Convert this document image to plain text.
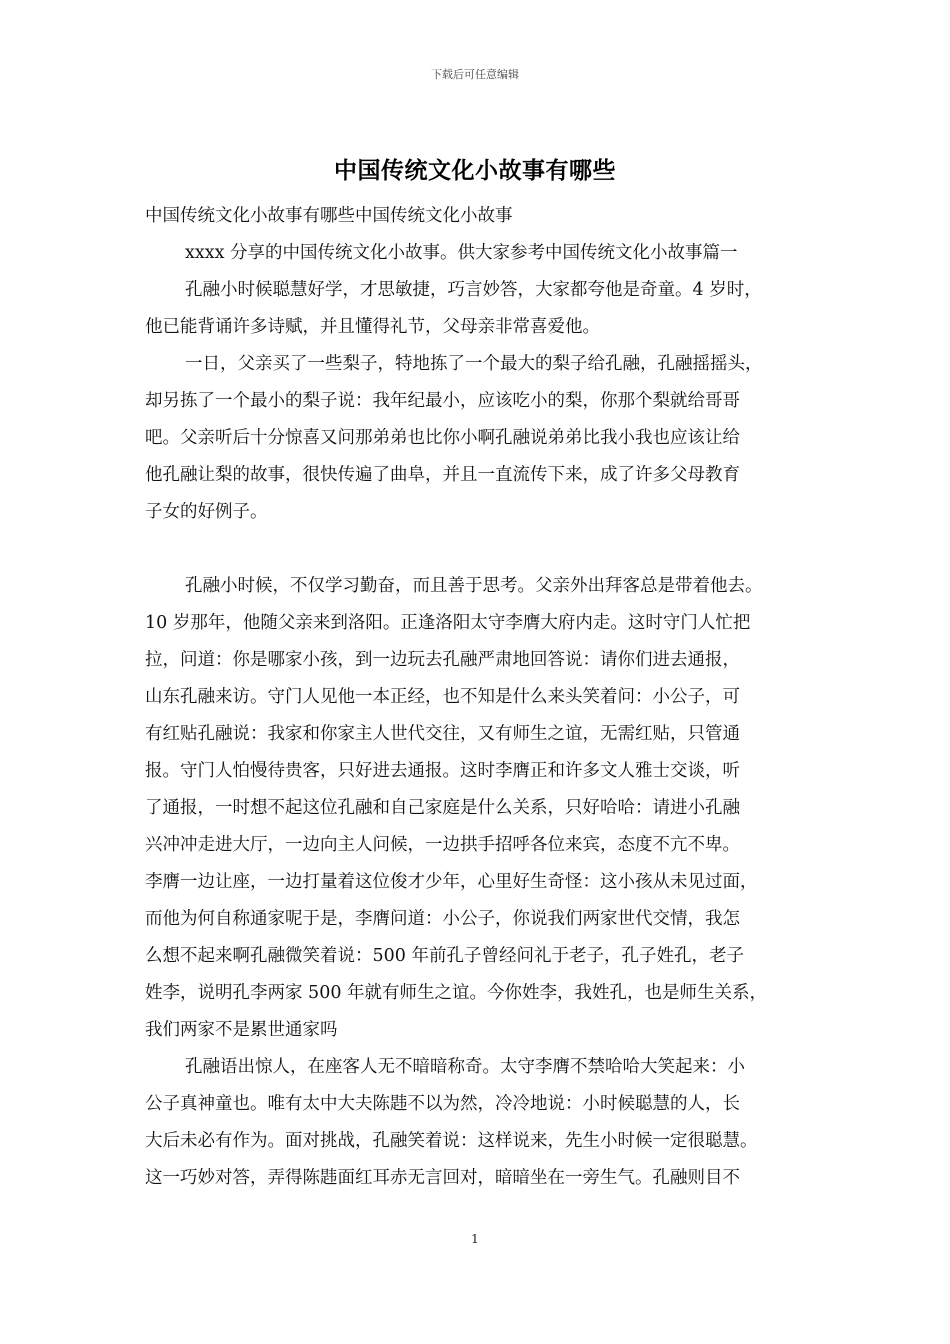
下载后可任意编辑
中国传统文化小故事有哪些
中国传统文化小故事有哪些中国传统文化小故事
xxxx 分享的中国传统文化小故事。供大家参考中国传统文化小故事篇一
孔融小时候聪慧好学，才思敏捷，巧言妙答，大家都夸他是奇童。4 岁时，
他已能背诵许多诗赋，并且懂得礼节，父母亲非常喜爱他。
一日，父亲买了一些梨子，特地拣了一个最大的梨子给孔融，孔融摇摇头，
却另拣了一个最小的梨子说：我年纪最小，应该吃小的梨，你那个梨就给哥哥
吧。父亲听后十分惊喜又问那弟弟也比你小啊孔融说弟弟比我小我也应该让给
他孔融让梨的故事，很快传遍了曲阜，并且一直流传下来，成了许多父母教育
子女的好例子。
孔融小时候，不仅学习勤奋，而且善于思考。父亲外出拜客总是带着他去。
10 岁那年，他随父亲来到洛阳。正逢洛阳太守李膺大府内走。这时守门人忙把
拉，问道：你是哪家小孩，到一边玩去孔融严肃地回答说：请你们进去通报，
山东孔融来访。守门人见他一本正经，也不知是什么来头笑着问：小公子，可
有红贴孔融说：我家和你家主人世代交往，又有师生之谊，无需红贴，只管通
报。守门人怕慢待贵客，只好进去通报。这时李膺正和许多文人雅士交谈，听
了通报，一时想不起这位孔融和自己家庭是什么关系，只好哈哈：请进小孔融
兴冲冲走进大厅，一边向主人问候，一边拱手招呼各位来宾，态度不亢不卑。
李膺一边让座，一边打量着这位俊才少年，心里好生奇怪：这小孩从未见过面，
而他为何自称通家呢于是，李膺问道：小公子，你说我们两家世代交情，我怎
么想不起来啊孔融微笑着说：500 年前孔子曾经问礼于老子，孔子姓孔，老子
姓李，说明孔李两家 500 年就有师生之谊。今你姓李，我姓孔，也是师生关系，
我们两家不是累世通家吗
孔融语出惊人，在座客人无不暗暗称奇。太守李膺不禁哈哈大笑起来：小
公子真神童也。唯有太中大夫陈韪不以为然，冷冷地说：小时候聪慧的人，长
大后未必有作为。面对挑战，孔融笑着说：这样说来，先生小时候一定很聪慧。
这一巧妙对答，弄得陈韪面红耳赤无言回对，暗暗坐在一旁生气。孔融则目不
1
